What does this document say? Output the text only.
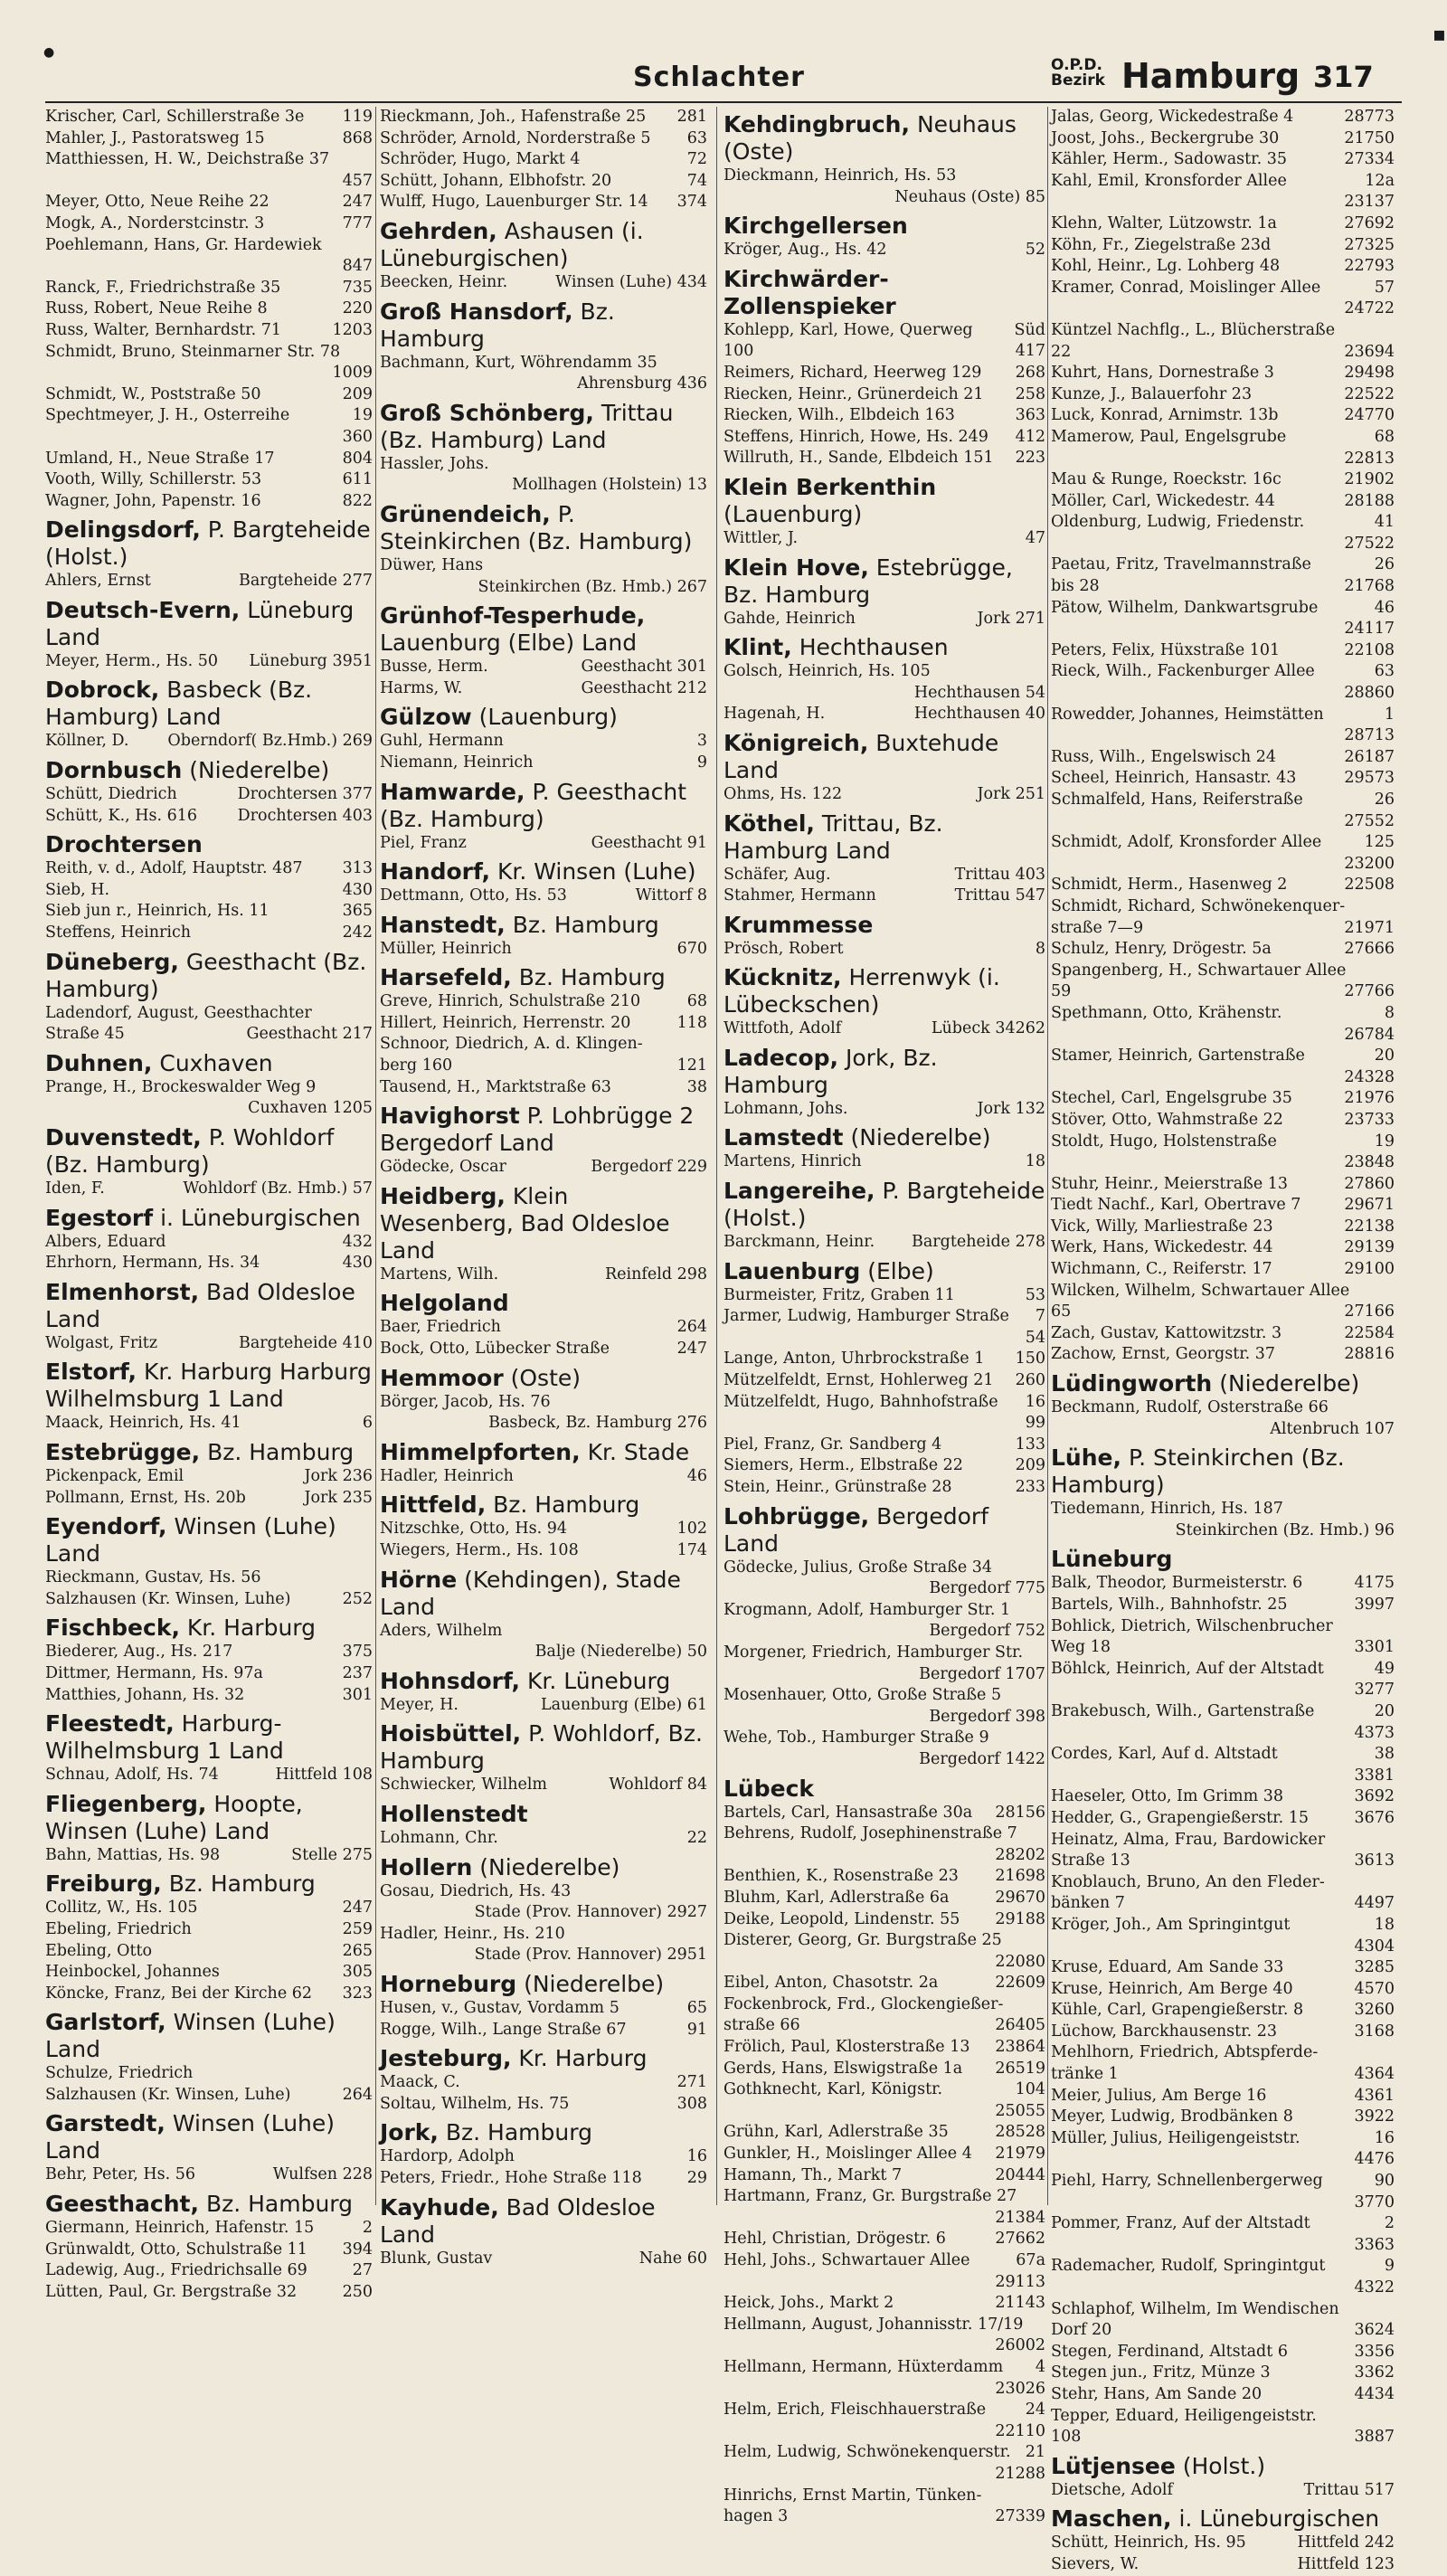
●
▪
Schlachter	O.P.D.
Bezirk Hamburg 317
Krischer, Carl, Schillerstraße 3e 119
Mahler, J., Pastoratsweg 15	868
Matthiessen, H. W., Deichstraße 37
457
Meyer, Otto, Neue Reihe 22	247
Mogk, A., Norderstcinstr. 3	777
Poehlemann, Hans, Gr. Hardewiek
847
Ranck, F., Friedrichstraße 35	735
Russ, Robert, Neue Reihe 8	220
Russ, Walter, Bernhardstr. 71	1203
Schmidt, Bruno, Steinmarner Str. 78
1009
Schmidt, W., Poststraße 50	209
Spechtmeyer, J. H., Osterreihe	19
360
Umland, H., Neue Straße 17	804
Vooth, Willy, Schillerstr. 53	611
Wagner, John, Papenstr. 16	822
Delingsdorf, P. Bargteheide (Holst.)
Ahlers, Ernst	Bargteheide 277
Deutsch-Evern, Lüneburg Land
Meyer, Herm., Hs. 50 Lüneburg 3951
Dobrock, Basbeck (Bz. Hamburg) Land
Köllner, D. Oberndorf( Bz.Hmb.) 269
Dornbusch (Niederelbe)
Schütt, Diedrich	Drochtersen 377
Schütt, K., Hs. 616	Drochtersen 403
Drochtersen
Reith, v. d., Adolf, Hauptstr. 487	313
Sieb, H.	430
Sieb jun r., Heinrich, Hs. 11	365
Steffens, Heinrich	242
Düneberg, Geesthacht (Bz. Hamburg)
Ladendorf, August, Geesthachter
Straße 45	Geesthacht 217
Duhnen, Cuxhaven
Prange, H., Brockeswalder Weg 9
Cuxhaven 1205
Duvenstedt, P. Wohldorf (Bz. Hamburg)
Iden, F.	Wohldorf (Bz. Hmb.) 57
Egestorf i. Lüneburgischen
Albers, Eduard	432
Ehrhorn, Hermann, Hs. 34	430
Elmenhorst, Bad Oldesloe Land
Wolgast, Fritz	Bargteheide 410
Elstorf, Kr. Harburg Harburg Wilhelmsburg 1 Land
Maack, Heinrich, Hs. 41	6
Estebrügge, Bz. Hamburg
Pickenpack, Emil	Jork 236
Pollmann, Ernst, Hs. 20b	Jork 235
Eyendorf, Winsen (Luhe) Land
Rieckmann, Gustav, Hs. 56
Salzhausen (Kr. Winsen, Luhe)	252
Fischbeck, Kr. Harburg
Biederer, Aug., Hs. 217	375
Dittmer, Hermann, Hs. 97a	237
Matthies, Johann, Hs. 32	301
Fleestedt, Harburg-Wilhelmsburg 1 Land
Schnau, Adolf, Hs. 74	Hittfeld 108
Fliegenberg, Hoopte, Winsen (Luhe) Land
Bahn, Mattias, Hs. 98	Stelle 275
Freiburg, Bz. Hamburg
Collitz, W., Hs. 105	247
Ebeling, Friedrich	259
Ebeling, Otto	265
Heinbockel, Johannes	305
Köncke, Franz, Bei der Kirche 62 323
Garlstorf, Winsen (Luhe) Land
Schulze, Friedrich
Salzhausen (Kr. Winsen, Luhe)	264
Garstedt, Winsen (Luhe) Land
Behr, Peter, Hs. 56	Wulfsen 228
Geesthacht, Bz. Hamburg
Giermann, Heinrich, Hafenstr. 15	2
Grünwaldt, Otto, Schulstraße 11 394
Ladewig, Aug., Friedrichsalle 69	27
Lütten, Paul, Gr. Bergstraße 32	250
Rieckmann, Joh., Hafenstraße 25 281
Schröder, Arnold, Norderstraße 5 63
Schröder, Hugo, Markt 4	72
Schütt, Johann, Elbhofstr. 20	74
Wulff, Hugo, Lauenburger Str. 14 374
Gehrden, Ashausen (i. Lüneburgischen)
Beecken, Heinr.	Winsen (Luhe) 434
Groß Hansdorf, Bz. Hamburg
Bachmann, Kurt, Wöhrendamm 35
Ahrensburg 436
Groß Schönberg, Trittau (Bz. Hamburg) Land
Hassler, Johs.
Mollhagen (Holstein) 13
Grünendeich, P. Steinkirchen (Bz. Hamburg)
Düwer, Hans
Steinkirchen (Bz. Hmb.) 267
Grünhof-Tesperhude, Lauenburg (Elbe) Land
Busse, Herm.	Geesthacht 301
Harms, W.	Geesthacht 212
Gülzow (Lauenburg)
Guhl, Hermann	3
Niemann, Heinrich	9
Hamwarde, P. Geesthacht (Bz. Hamburg)
Piel, Franz	Geesthacht 91
Handorf, Kr. Winsen (Luhe)
Dettmann, Otto, Hs. 53	Wittorf 8
Hanstedt, Bz. Hamburg
Müller, Heinrich	670
Harsefeld, Bz. Hamburg
Greve, Hinrich, Schulstraße 210	68
Hillert, Heinrich, Herrenstr. 20	118
Schnoor, Diedrich, A. d. Klingen-
berg 160	121
Tausend, H., Marktstraße 63	38
Havighorst P. Lohbrügge 2 Bergedorf Land
Gödecke, Oscar	Bergedorf 229
Heidberg, Klein Wesenberg, Bad Oldesloe Land
Martens, Wilh.	Reinfeld 298
Helgoland
Baer, Friedrich	264
Bock, Otto, Lübecker Straße	247
Hemmoor (Oste)
Börger, Jacob, Hs. 76
Basbeck, Bz. Hamburg 276
Himmelpforten, Kr. Stade
Hadler, Heinrich	46
Hittfeld, Bz. Hamburg
Nitzschke, Otto, Hs. 94	102
Wiegers, Herm., Hs. 108	174
Hörne (Kehdingen), Stade Land
Aders, Wilhelm
Balje (Niederelbe) 50
Hohnsdorf, Kr. Lüneburg
Meyer, H.	Lauenburg (Elbe) 61
Hoisbüttel, P. Wohldorf, Bz. Hamburg
Schwiecker, Wilhelm	Wohldorf 84
Hollenstedt
Lohmann, Chr.	22
Hollern (Niederelbe)
Gosau, Diedrich, Hs. 43
Stade (Prov. Hannover) 2927
Hadler, Heinr., Hs. 210
Stade (Prov. Hannover) 2951
Horneburg (Niederelbe)
Husen, v., Gustav, Vordamm 5	65
Rogge, Wilh., Lange Straße 67	91
Jesteburg, Kr. Harburg
Maack, C.	271
Soltau, Wilhelm, Hs. 75	308
Jork, Bz. Hamburg
Hardorp, Adolph	16
Peters, Friedr., Hohe Straße 118	29
Kayhude, Bad Oldesloe Land
Blunk, Gustav	Nahe 60
Kehdingbruch, Neuhaus (Oste)
Dieckmann, Heinrich, Hs. 53
Neuhaus (Oste) 85
Kirchgellersen
Kröger, Aug., Hs. 42	52
Kirchwärder-Zollenspieker
Kohlepp, Karl, Howe, Querweg	Süd
100	417
Reimers, Richard, Heerweg 129 268
Riecken, Heinr., Grünerdeich 21 258
Riecken, Wilh., Elbdeich 163	363
Steffens, Hinrich, Howe, Hs. 249 412
Willruth, H., Sande, Elbdeich 151 223
Klein Berkenthin (Lauenburg)
Wittler, J.	47
Klein Hove, Estebrügge, Bz. Hamburg
Gahde, Heinrich	Jork 271
Klint, Hechthausen
Golsch, Heinrich, Hs. 105
Hechthausen 54
Hagenah, H.	Hechthausen 40
Königreich, Buxtehude Land
Ohms, Hs. 122	Jork 251
Köthel, Trittau, Bz. Hamburg Land
Schäfer, Aug.	Trittau 403
Stahmer, Hermann	Trittau 547
Krummesse
Prösch, Robert	8
Kücknitz, Herrenwyk (i. Lübeckschen)
Wittfoth, Adolf	Lübeck 34262
Ladecop, Jork, Bz. Hamburg
Lohmann, Johs.	Jork 132
Lamstedt (Niederelbe)
Martens, Hinrich	18
Langereihe, P. Bargteheide (Holst.)
Barckmann, Heinr. Bargteheide 278
Lauenburg (Elbe)
Burmeister, Fritz, Graben 11	53
Jarmer, Ludwig, Hamburger Straße 7
54
Lange, Anton, Uhrbrockstraße 1 150
Mützelfeldt, Ernst, Hohlerweg 21 260
Mützelfeldt, Hugo, Bahnhofstraße 16
99
Piel, Franz, Gr. Sandberg 4	133
Siemers, Herm., Elbstraße 22	209
Stein, Heinr., Grünstraße 28	233
Lohbrügge, Bergedorf Land
Gödecke, Julius, Große Straße 34
Bergedorf 775
Krogmann, Adolf, Hamburger Str. 1
Bergedorf 752
Morgener, Friedrich, Hamburger Str.
Bergedorf 1707
Mosenhauer, Otto, Große Straße 5
Bergedorf 398
Wehe, Tob., Hamburger Straße 9
Bergedorf 1422
Lübeck
Bartels, Carl, Hansastraße 30a 28156
Behrens, Rudolf, Josephinenstraße 7
28202
Benthien, K., Rosenstraße 23 21698
Bluhm, Karl, Adlerstraße 6a	29670
Deike, Leopold, Lindenstr. 55 29188
Disterer, Georg, Gr. Burgstraße 25
22080
Eibel, Anton, Chasotstr. 2a	22609
Fockenbrock, Frd., Glockengießer-
straße 66	26405
Frölich, Paul, Klosterstraße 13 23864
Gerds, Hans, Elswigstraße 1a 26519
Gothknecht, Karl, Königstr.	104
25055
Grühn, Karl, Adlerstraße 35	28528
Gunkler, H., Moislinger Allee 4 21979
Hamann, Th., Markt 7	20444
Hartmann, Franz, Gr. Burgstraße 27
21384
Hehl, Christian, Drögestr. 6	27662
Hehl, Johs., Schwartauer Allee	67a
29113
Heick, Johs., Markt 2	21143
Hellmann, August, Johannisstr. 17/19
26002
Hellmann, Hermann, Hüxterdamm 4
23026
Helm, Erich, Fleischhauerstraße 24
22110
Helm, Ludwig, Schwönekenquerstr. 21
21288
Hinrichs, Ernst Martin, Tünken-
hagen 3	27339
Jalas, Georg, Wickedestraße 4	28773
Joost, Johs., Beckergrube 30	21750
Kähler, Herm., Sadowastr. 35	27334
Kahl, Emil, Kronsforder Allee	12a
23137
Klehn, Walter, Lützowstr. 1a	27692
Köhn, Fr., Ziegelstraße 23d	27325
Kohl, Heinr., Lg. Lohberg 48	22793
Kramer, Conrad, Moislinger Allee	57
24722
Küntzel Nachflg., L., Blücherstraße
22	23694
Kuhrt, Hans, Dornestraße 3	29498
Kunze, J., Balauerfohr 23	22522
Luck, Konrad, Arnimstr. 13b	24770
Mamerow, Paul, Engelsgrube	68
22813
Mau & Runge, Roeckstr. 16c	21902
Möller, Carl, Wickedestr. 44	28188
Oldenburg, Ludwig, Friedenstr.	41
27522
Paetau, Fritz, Travelmannstraße	26
bis 28	21768
Pätow, Wilhelm, Dankwartsgrube	46
24117
Peters, Felix, Hüxstraße 101	22108
Rieck, Wilh., Fackenburger Allee	63
28860
Rowedder, Johannes, Heimstätten	1
28713
Russ, Wilh., Engelswisch 24	26187
Scheel, Heinrich, Hansastr. 43	29573
Schmalfeld, Hans, Reiferstraße	26
27552
Schmidt, Adolf, Kronsforder Allee	125
23200
Schmidt, Herm., Hasenweg 2	22508
Schmidt, Richard, Schwönekenquer-
straße 7—9	21971
Schulz, Henry, Drögestr. 5a	27666
Spangenberg, H., Schwartauer Allee
59	27766
Spethmann, Otto, Krähenstr.	8
26784
Stamer, Heinrich, Gartenstraße	20
24328
Stechel, Carl, Engelsgrube 35	21976
Stöver, Otto, Wahmstraße 22	23733
Stoldt, Hugo, Holstenstraße	19
23848
Stuhr, Heinr., Meierstraße 13	27860
Tiedt Nachf., Karl, Obertrave 7	29671
Vick, Willy, Marliestraße 23	22138
Werk, Hans, Wickedestr. 44	29139
Wichmann, C., Reiferstr. 17	29100
Wilcken, Wilhelm, Schwartauer Allee
65	27166
Zach, Gustav, Kattowitzstr. 3	22584
Zachow, Ernst, Georgstr. 37	28816
Lüdingworth (Niederelbe)
Beckmann, Rudolf, Osterstraße 66
Altenbruch 107
Lühe, P. Steinkirchen (Bz. Hamburg)
Tiedemann, Hinrich, Hs. 187
Steinkirchen (Bz. Hmb.) 96
Lüneburg
Balk, Theodor, Burmeisterstr. 6	4175
Bartels, Wilh., Bahnhofstr. 25	3997
Bohlick, Dietrich, Wilschenbrucher
Weg 18	3301
Böhlck, Heinrich, Auf der Altstadt	49
3277
Brakebusch, Wilh., Gartenstraße	20
4373
Cordes, Karl, Auf d. Altstadt	38
3381
Haeseler, Otto, Im Grimm 38	3692
Hedder, G., Grapengießerstr. 15	3676
Heinatz, Alma, Frau, Bardowicker
Straße 13	3613
Knoblauch, Bruno, An den Fleder-
bänken 7	4497
Kröger, Joh., Am Springintgut	18
4304
Kruse, Eduard, Am Sande 33	3285
Kruse, Heinrich, Am Berge 40	4570
Kühle, Carl, Grapengießerstr. 8	3260
Lüchow, Barckhausenstr. 23	3168
Mehlhorn, Friedrich, Abtspferde-
tränke 1	4364
Meier, Julius, Am Berge 16	4361
Meyer, Ludwig, Brodbänken 8	3922
Müller, Julius, Heiligengeiststr.	16
4476
Piehl, Harry, Schnellenbergerweg	90
3770
Pommer, Franz, Auf der Altstadt	2
3363
Rademacher, Rudolf, Springintgut	9
4322
Schlaphof, Wilhelm, Im Wendischen
Dorf 20	3624
Stegen, Ferdinand, Altstadt 6	3356
Stegen jun., Fritz, Münze 3	3362
Stehr, Hans, Am Sande 20	4434
Tepper, Eduard, Heiligengeiststr.
108	3887
Lütjensee (Holst.)
Dietsche, Adolf	Trittau 517
Maschen, i. Lüneburgischen
Schütt, Heinrich, Hs. 95	Hittfeld 242
Sievers, W.	Hittfeld 123
